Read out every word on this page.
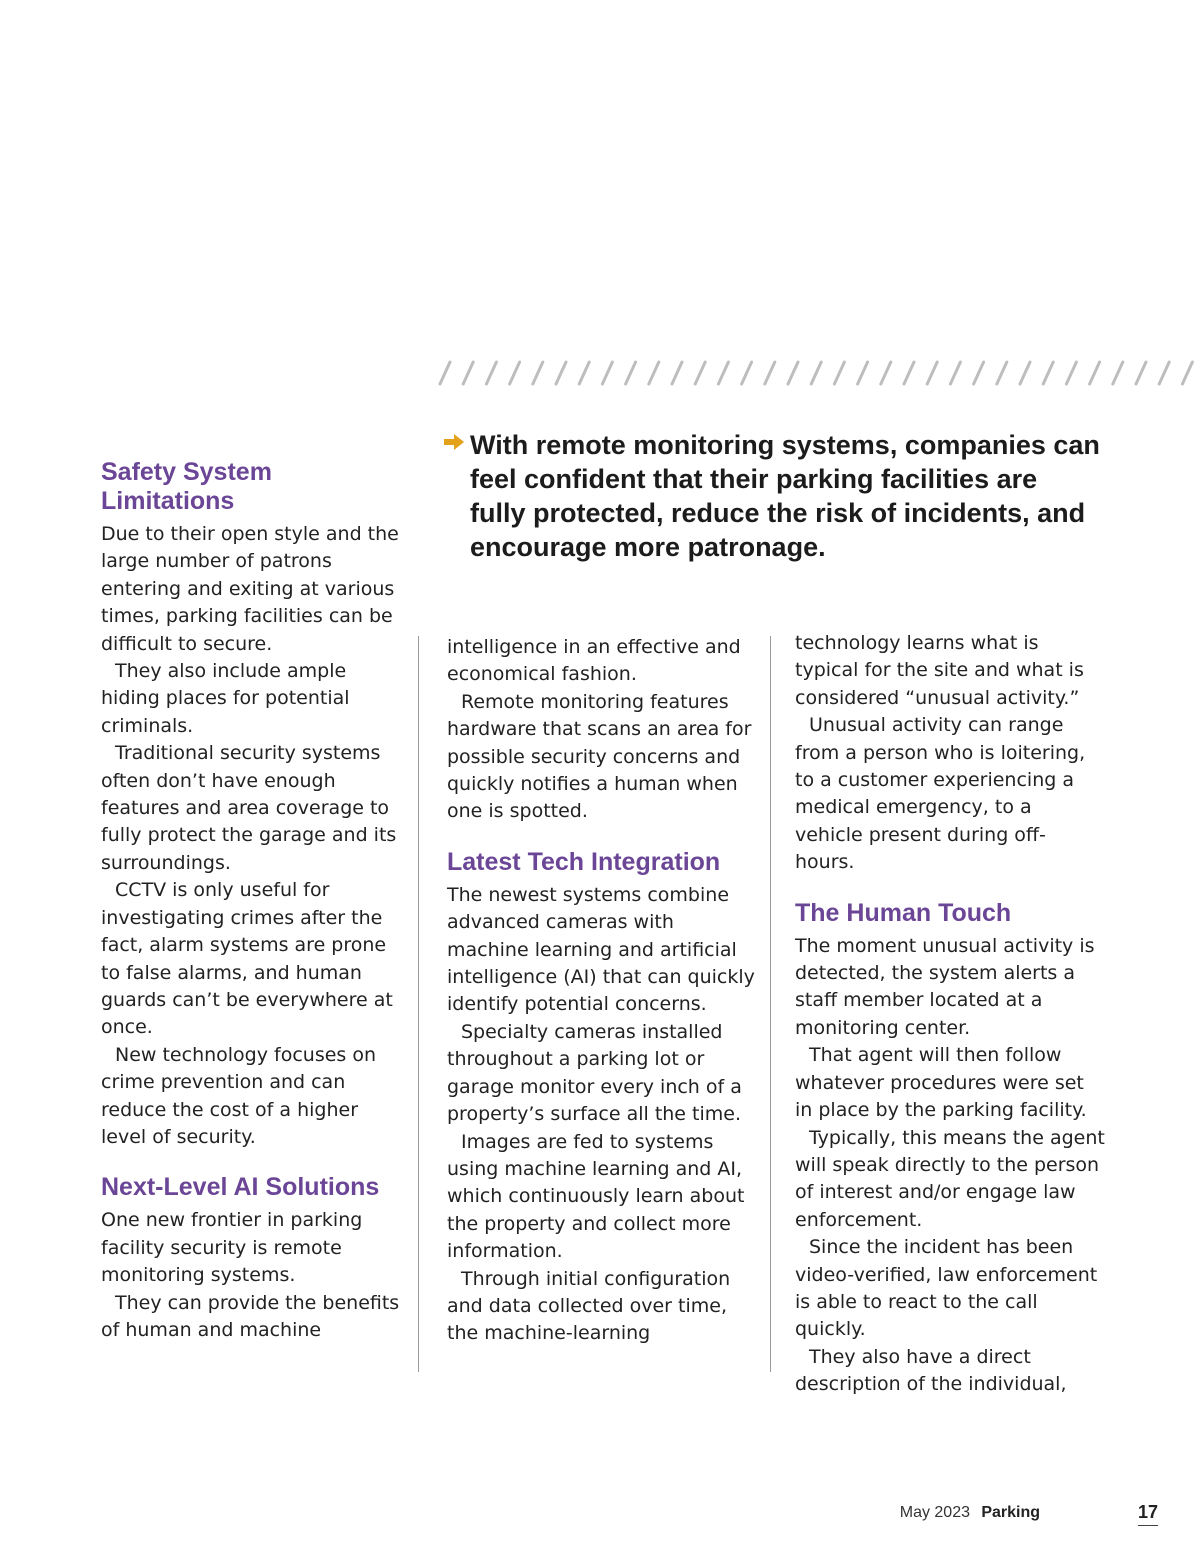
With remote monitoring systems, companies can feel confident that their parking facilities are fully protected, reduce the risk of incidents, and encourage more patronage.

Safety System Limitations

Due to their open style and the large number of patrons entering and exiting at various times, parking facilities can be difficult to secure.

They also include ample hiding places for potential criminals.

Traditional security systems often don’t have enough features and area coverage to fully protect the garage and its surroundings.

CCTV is only useful for investigating crimes after the fact, alarm systems are prone to false alarms, and human guards can’t be everywhere at once.

New technology focuses on crime prevention and can reduce the cost of a higher level of security.

Next-Level AI Solutions

One new frontier in parking facility security is remote monitoring systems.

They can provide the benefits of human and machine

intelligence in an effective and economical fashion.

Remote monitoring features hardware that scans an area for possible security concerns and quickly notifies a human when one is spotted.

Latest Tech Integration

The newest systems combine advanced cameras with machine learning and artificial intelligence (AI) that can quickly identify potential concerns.

Specialty cameras installed throughout a parking lot or garage monitor every inch of a property’s surface all the time.

Images are fed to systems using machine learning and AI, which continuously learn about the property and collect more information.

Through initial configuration and data collected over time, the machine-learning

technology learns what is typical for the site and what is considered “unusual activity.”

Unusual activity can range from a person who is loitering, to a customer experiencing a medical emergency, to a vehicle present during off-hours.

The Human Touch

The moment unusual activity is detected, the system alerts a staff member located at a monitoring center.

That agent will then follow whatever procedures were set in place by the parking facility.

Typically, this means the agent will speak directly to the person of interest and/or engage law enforcement.

Since the incident has been video-verified, law enforcement is able to react to the call quickly.

They also have a direct description of the individual,

May 2023 Parking	17
